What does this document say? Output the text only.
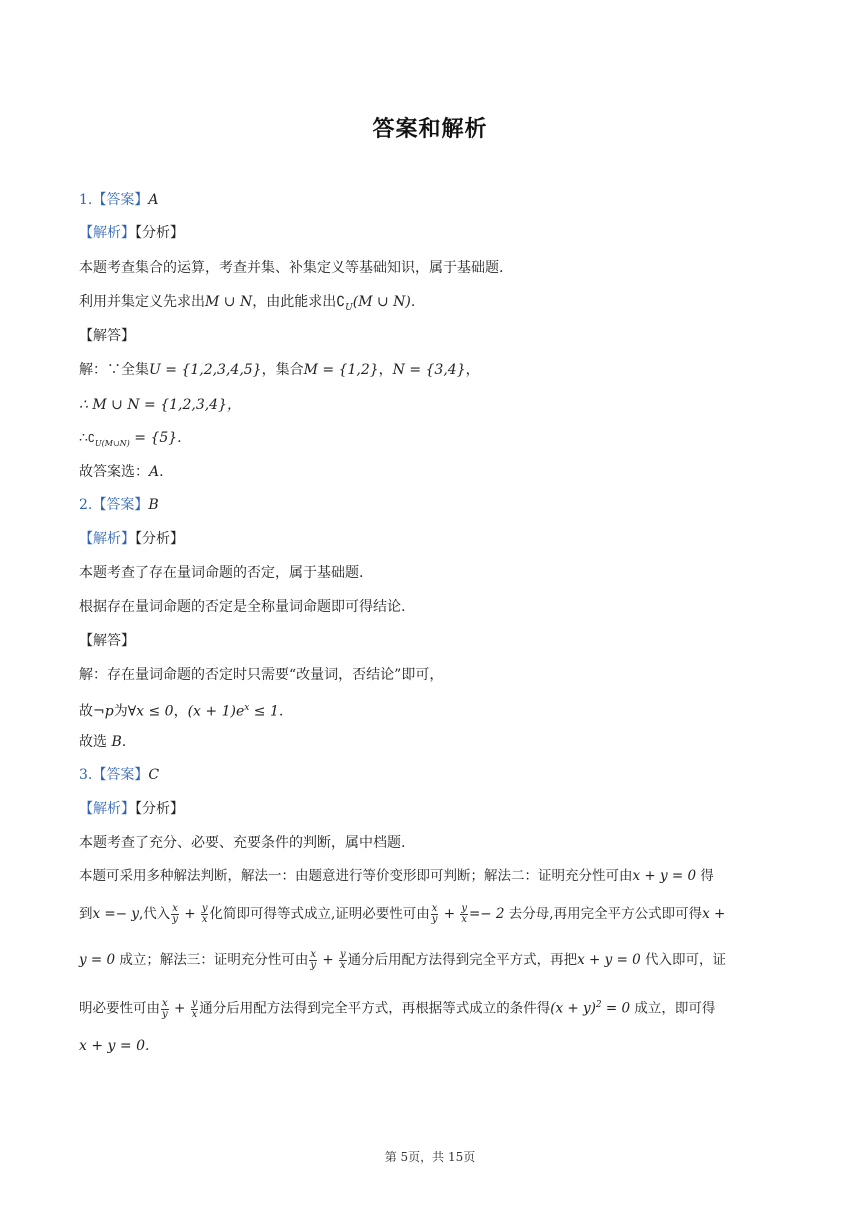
答案和解析
1.【答案】A
【解析】【分析】
本题考查集合的运算，考查并集、补集定义等基础知识，属于基础题.
利用并集定义先求出M ∪ N，由此能求出$∁_U(M$ ∪ N).
【解答】
解：∵全集U = {1,2,3,4,5}，集合M = {1,2}，N = {3,4}，
∴ M ∪ N = {1,2,3,4}，
$\therefore∁_{U(M\cup N)} = \{5\}$.
故答案选：A.
2.【答案】B
【解析】【分析】
本题考查了存在量词命题的否定，属于基础题.
根据存在量词命题的否定是全称量词命题即可得结论.
【解答】
解：存在量词命题的否定时只需要“改量词，否结论”即可，
故¬p为∀x ≤ 0，$(x + 1)e^x \le 1$.
故选 B.
3.【答案】C
【解析】【分析】
本题考查了充分、必要、充要条件的判断，属中档题.
本题可采用多种解法判断，解法一：由题意进行等价变形即可判断；解法二：证明充分性可由x + y = 0 得
到x =− y,代入 $\frac{x}{y} + \frac{y}{x}$ 化简即可得等式成立,证明必要性可由 $\frac{x}{y} + \frac{y}{x} =- 2$ 去分母,再用完全平方公式即可得x +
y = 0 成立；解法三：证明充分性可由 $\frac{x}{y} + \frac{y}{x}$ 通分后用配方法得到完全平方式，再把x + y = 0 代入即可，证
明必要性可由 $\frac{x}{y} + \frac{y}{x}$ 通分后用配方法得到完全平方式，再根据等式成立的条件得$(x + y)^2 = 0$ 成立，即可得
x + y = 0.
第 5页，共 15页
